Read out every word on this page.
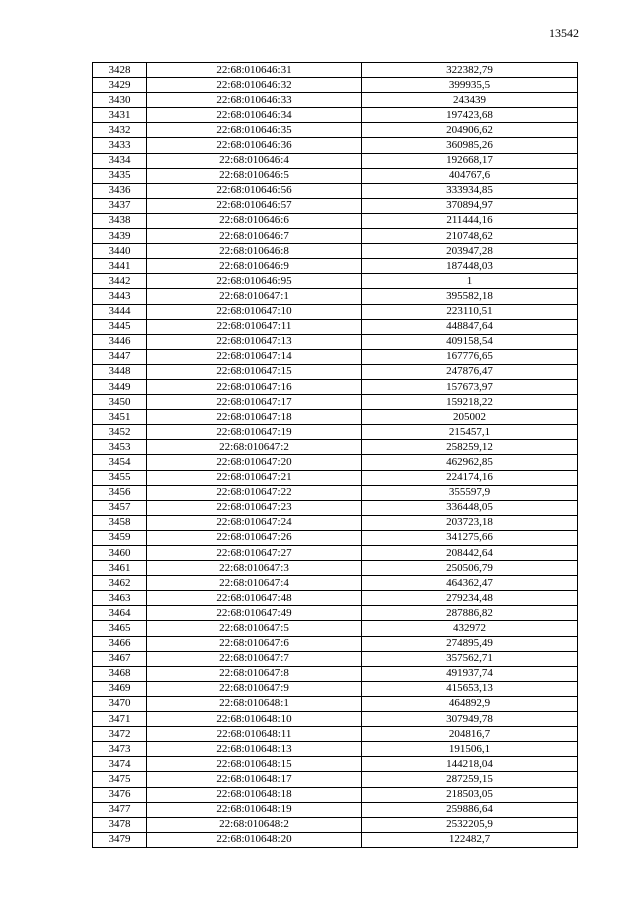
13542
3428	22:68:010646:31	322382,79
3429	22:68:010646:32	399935,5
3430	22:68:010646:33	243439
3431	22:68:010646:34	197423,68
3432	22:68:010646:35	204906,62
3433	22:68:010646:36	360985,26
3434	22:68:010646:4	192668,17
3435	22:68:010646:5	404767,6
3436	22:68:010646:56	333934,85
3437	22:68:010646:57	370894,97
3438	22:68:010646:6	211444,16
3439	22:68:010646:7	210748,62
3440	22:68:010646:8	203947,28
3441	22:68:010646:9	187448,03
3442	22:68:010646:95	1
3443	22:68:010647:1	395582,18
3444	22:68:010647:10	223110,51
3445	22:68:010647:11	448847,64
3446	22:68:010647:13	409158,54
3447	22:68:010647:14	167776,65
3448	22:68:010647:15	247876,47
3449	22:68:010647:16	157673,97
3450	22:68:010647:17	159218,22
3451	22:68:010647:18	205002
3452	22:68:010647:19	215457,1
3453	22:68:010647:2	258259,12
3454	22:68:010647:20	462962,85
3455	22:68:010647:21	224174,16
3456	22:68:010647:22	355597,9
3457	22:68:010647:23	336448,05
3458	22:68:010647:24	203723,18
3459	22:68:010647:26	341275,66
3460	22:68:010647:27	208442,64
3461	22:68:010647:3	250506,79
3462	22:68:010647:4	464362,47
3463	22:68:010647:48	279234,48
3464	22:68:010647:49	287886,82
3465	22:68:010647:5	432972
3466	22:68:010647:6	274895,49
3467	22:68:010647:7	357562,71
3468	22:68:010647:8	491937,74
3469	22:68:010647:9	415653,13
3470	22:68:010648:1	464892,9
3471	22:68:010648:10	307949,78
3472	22:68:010648:11	204816,7
3473	22:68:010648:13	191506,1
3474	22:68:010648:15	144218,04
3475	22:68:010648:17	287259,15
3476	22:68:010648:18	218503,05
3477	22:68:010648:19	259886,64
3478	22:68:010648:2	2532205,9
3479	22:68:010648:20	122482,7
